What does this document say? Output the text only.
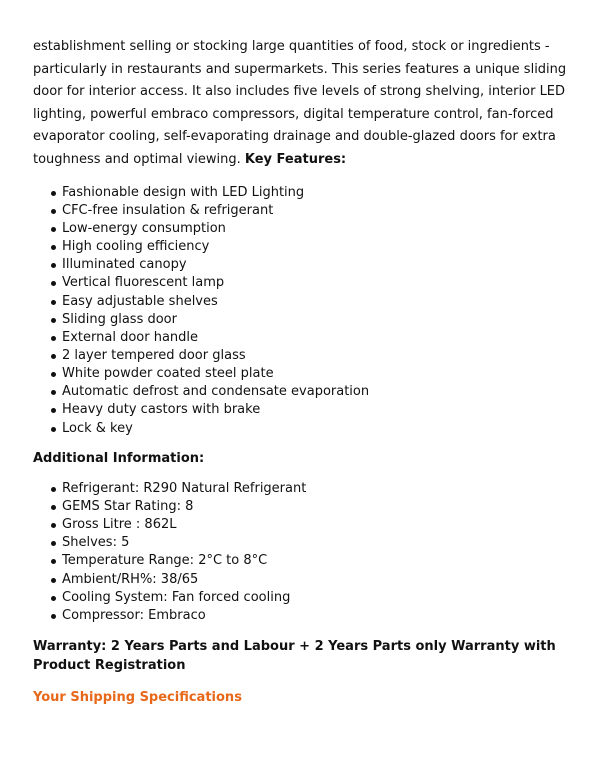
establishment selling or stocking large quantities of food, stock or ingredients - particularly in restaurants and supermarkets. This series features a unique sliding door for interior access. It also includes five levels of strong shelving, interior LED lighting, powerful embraco compressors, digital temperature control, fan-forced evaporator cooling, self-evaporating drainage and double-glazed doors for extra toughness and optimal viewing. Key Features:

Fashionable design with LED Lighting
CFC-free insulation & refrigerant
Low-energy consumption
High cooling efficiency
Illuminated canopy
Vertical fluorescent lamp
Easy adjustable shelves
Sliding glass door
External door handle
2 layer tempered door glass
White powder coated steel plate
Automatic defrost and condensate evaporation
Heavy duty castors with brake
Lock & key

Additional Information:

Refrigerant: R290 Natural Refrigerant
GEMS Star Rating: 8
Gross Litre : 862L
Shelves: 5
Temperature Range: 2°C to 8°C
Ambient/RH%: 38/65
Cooling System: Fan forced cooling
Compressor: Embraco

Warranty: 2 Years Parts and Labour + 2 Years Parts only Warranty with Product Registration

Your Shipping Specifications
